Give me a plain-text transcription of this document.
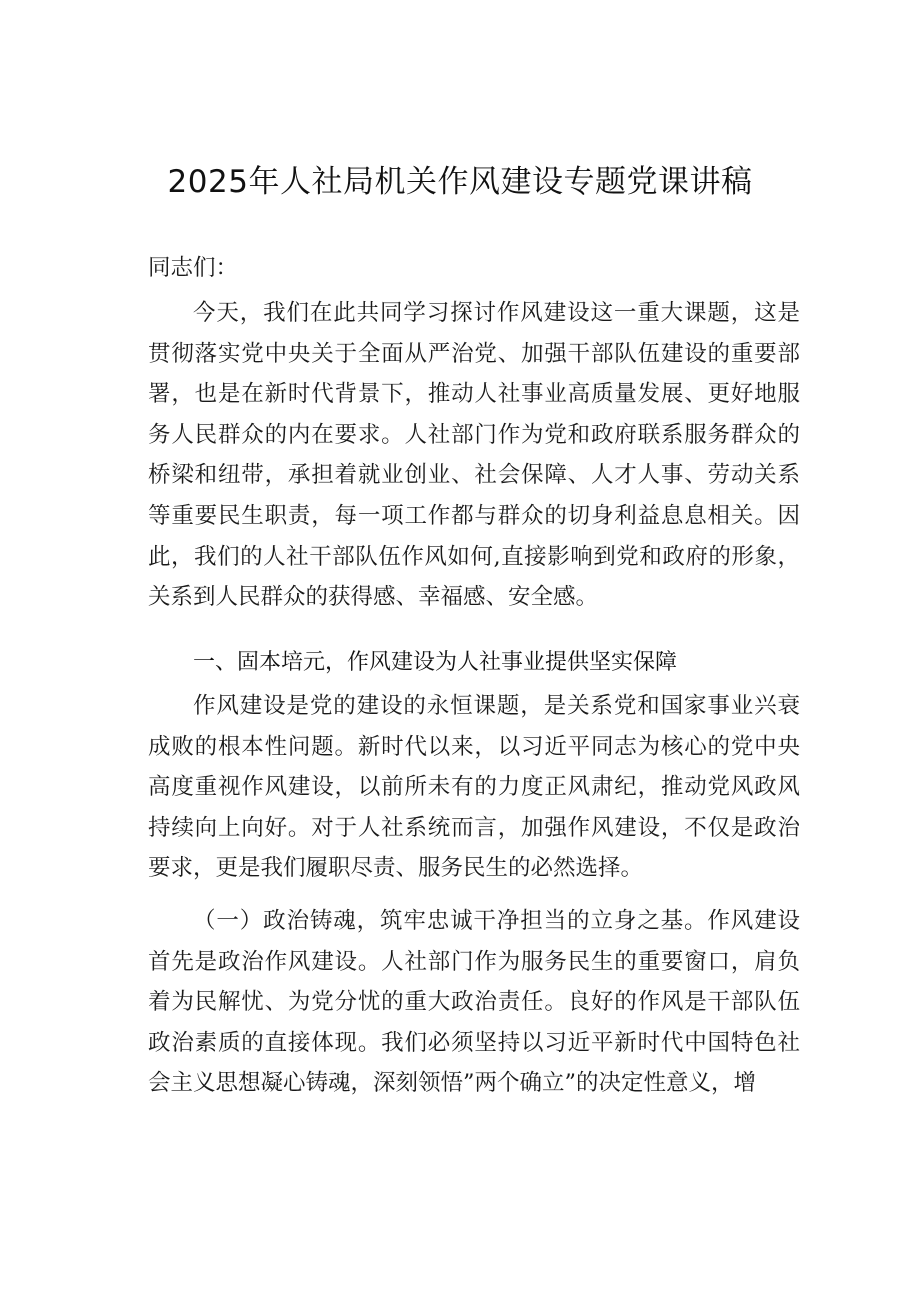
2025年人社局机关作风建设专题党课讲稿
同志们：
今天，我们在此共同学习探讨作风建设这一重大课题，这是贯彻落实党中央关于全面从严治党、加强干部队伍建设的重要部署，也是在新时代背景下，推动人社事业高质量发展、更好地服务人民群众的内在要求。人社部门作为党和政府联系服务群众的桥梁和纽带，承担着就业创业、社会保障、人才人事、劳动关系等重要民生职责，每一项工作都与群众的切身利益息息相关。因此，我们的人社干部队伍作风如何,直接影响到党和政府的形象，关系到人民群众的获得感、幸福感、安全感。
一、固本培元，作风建设为人社事业提供坚实保障
作风建设是党的建设的永恒课题，是关系党和国家事业兴衰成败的根本性问题。新时代以来，以习近平同志为核心的党中央高度重视作风建设，以前所未有的力度正风肃纪，推动党风政风持续向上向好。对于人社系统而言，加强作风建设，不仅是政治要求，更是我们履职尽责、服务民生的必然选择。
（一）政治铸魂，筑牢忠诚干净担当的立身之基。作风建设首先是政治作风建设。人社部门作为服务民生的重要窗口，肩负着为民解忧、为党分忧的重大政治责任。良好的作风是干部队伍政治素质的直接体现。我们必须坚持以习近平新时代中国特色社会主义思想凝心铸魂，深刻领悟”两个确立”的决定性意义，增
